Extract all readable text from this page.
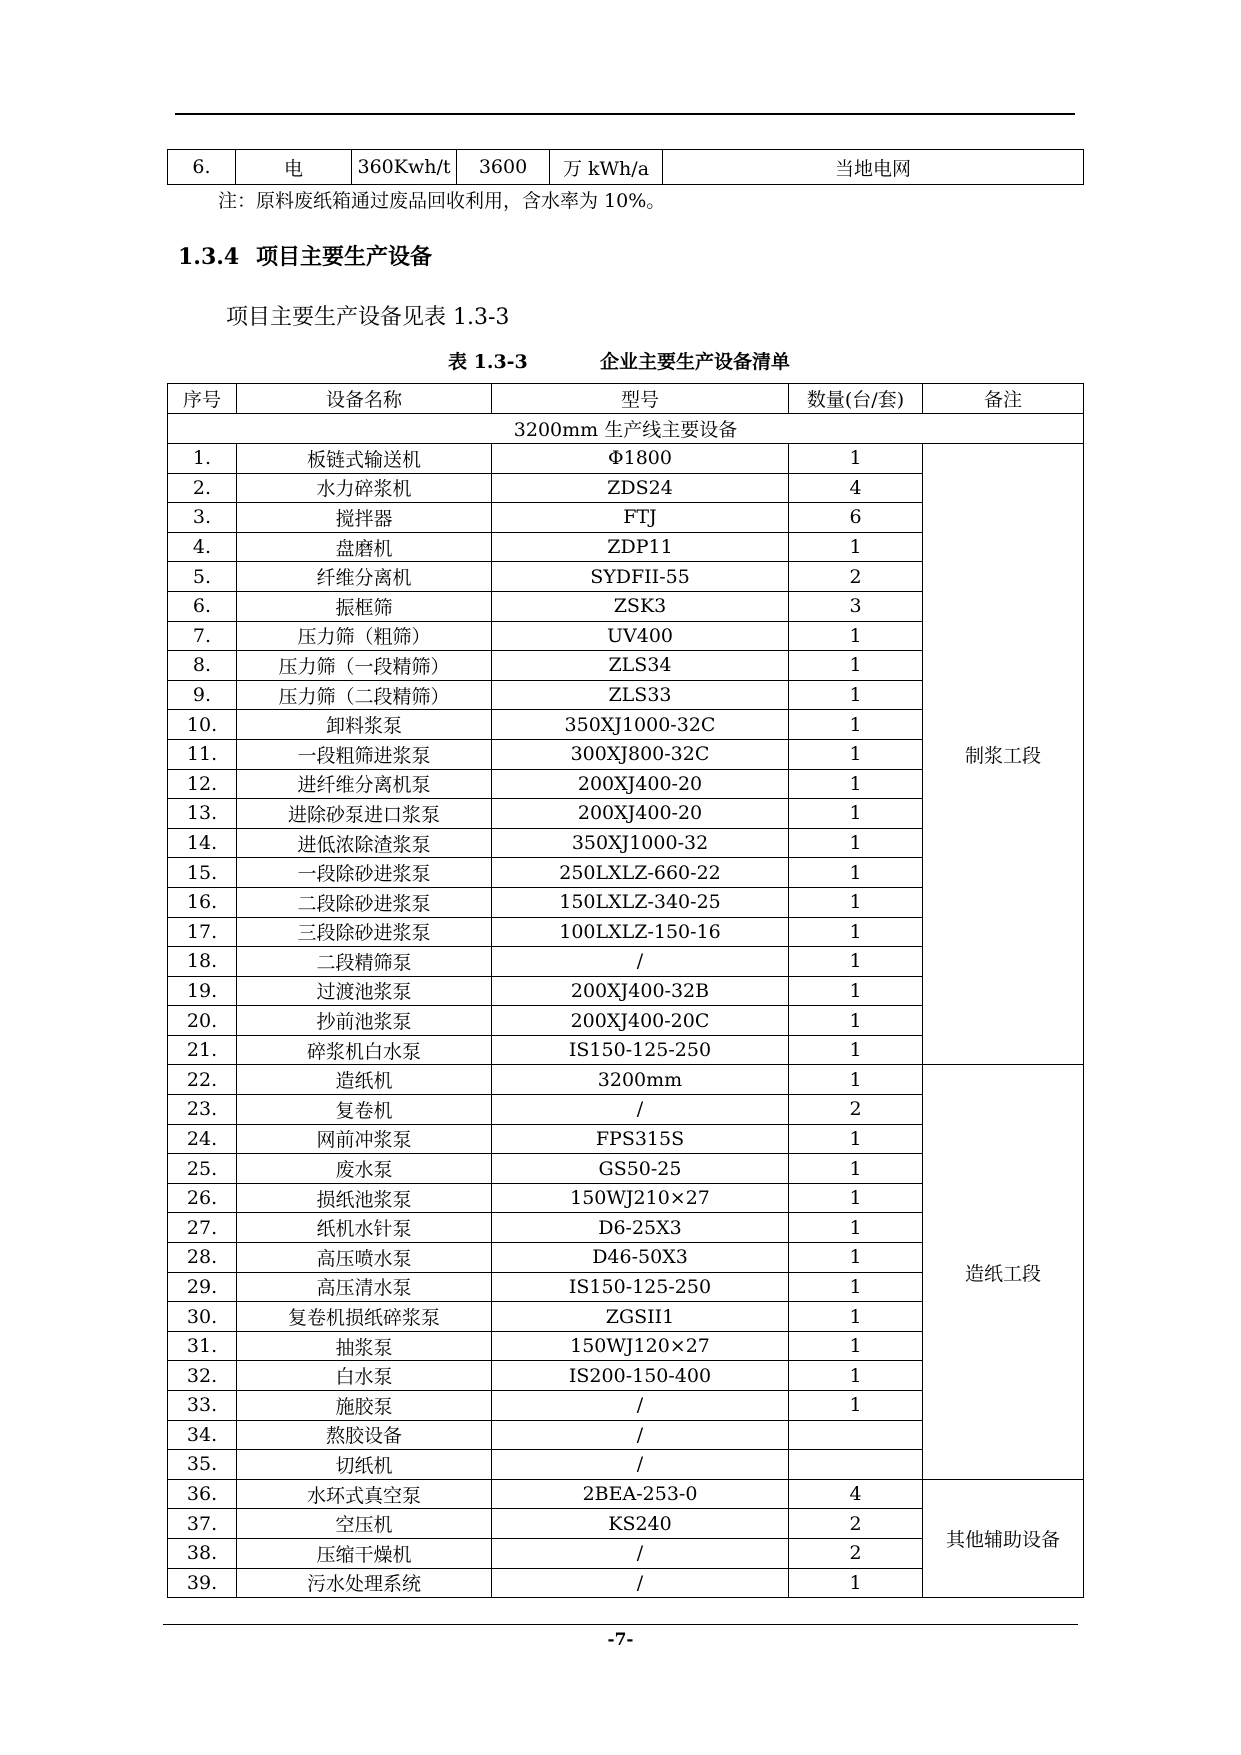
6.	电	360Kwh/t	3600	万 kWh/a	当地电网
注：原料废纸箱通过废品回收利用，含水率为 10%。
1.3.4 项目主要生产设备
项目主要生产设备见表 1.3-3
表 1.3-3	企业主要生产设备清单
序号	设备名称	型号	数量(台/套)	备注
3200mm 生产线主要设备				
1.	板链式输送机	Φ1800	1	制浆工段
2.	水力碎浆机	ZDS24	4	
3.	搅拌器	FTJ	6	
4.	盘磨机	ZDP11	1	
5.	纤维分离机	SYDFII-55	2	
6.	振框筛	ZSK3	3	
7.	压力筛（粗筛）	UV400	1	
8.	压力筛（一段精筛）	ZLS34	1	
9.	压力筛（二段精筛）	ZLS33	1	
10.	卸料浆泵	350XJ1000-32C	1	
11.	一段粗筛进浆泵	300XJ800-32C	1	
12.	进纤维分离机泵	200XJ400-20	1	
13.	进除砂泵进口浆泵	200XJ400-20	1	
14.	进低浓除渣浆泵	350XJ1000-32	1	
15.	一段除砂进浆泵	250LXLZ-660-22	1	
16.	二段除砂进浆泵	150LXLZ-340-25	1	
17.	三段除砂进浆泵	100LXLZ-150-16	1	
18.	二段精筛泵	/	1	
19.	过渡池浆泵	200XJ400-32B	1	
20.	抄前池浆泵	200XJ400-20C	1	
21.	碎浆机白水泵	IS150-125-250	1	
22.	造纸机	3200mm	1	造纸工段
23.	复卷机	/	2	
24.	网前冲浆泵	FPS315S	1	
25.	废水泵	GS50-25	1	
26.	损纸池浆泵	150WJ210×27	1	
27.	纸机水针泵	D6-25X3	1	
28.	高压喷水泵	D46-50X3	1	
29.	高压清水泵	IS150-125-250	1	
30.	复卷机损纸碎浆泵	ZGSII1	1	
31.	抽浆泵	150WJ120×27	1	
32.	白水泵	IS200-150-400	1	
33.	施胶泵	/	1	
34.	熬胶设备	/		
35.	切纸机	/		
36.	水环式真空泵	2BEA-253-0	4	其他辅助设备
37.	空压机	KS240	2	
38.	压缩干燥机	/	2	
39.	污水处理系统	/	1	
-7-
